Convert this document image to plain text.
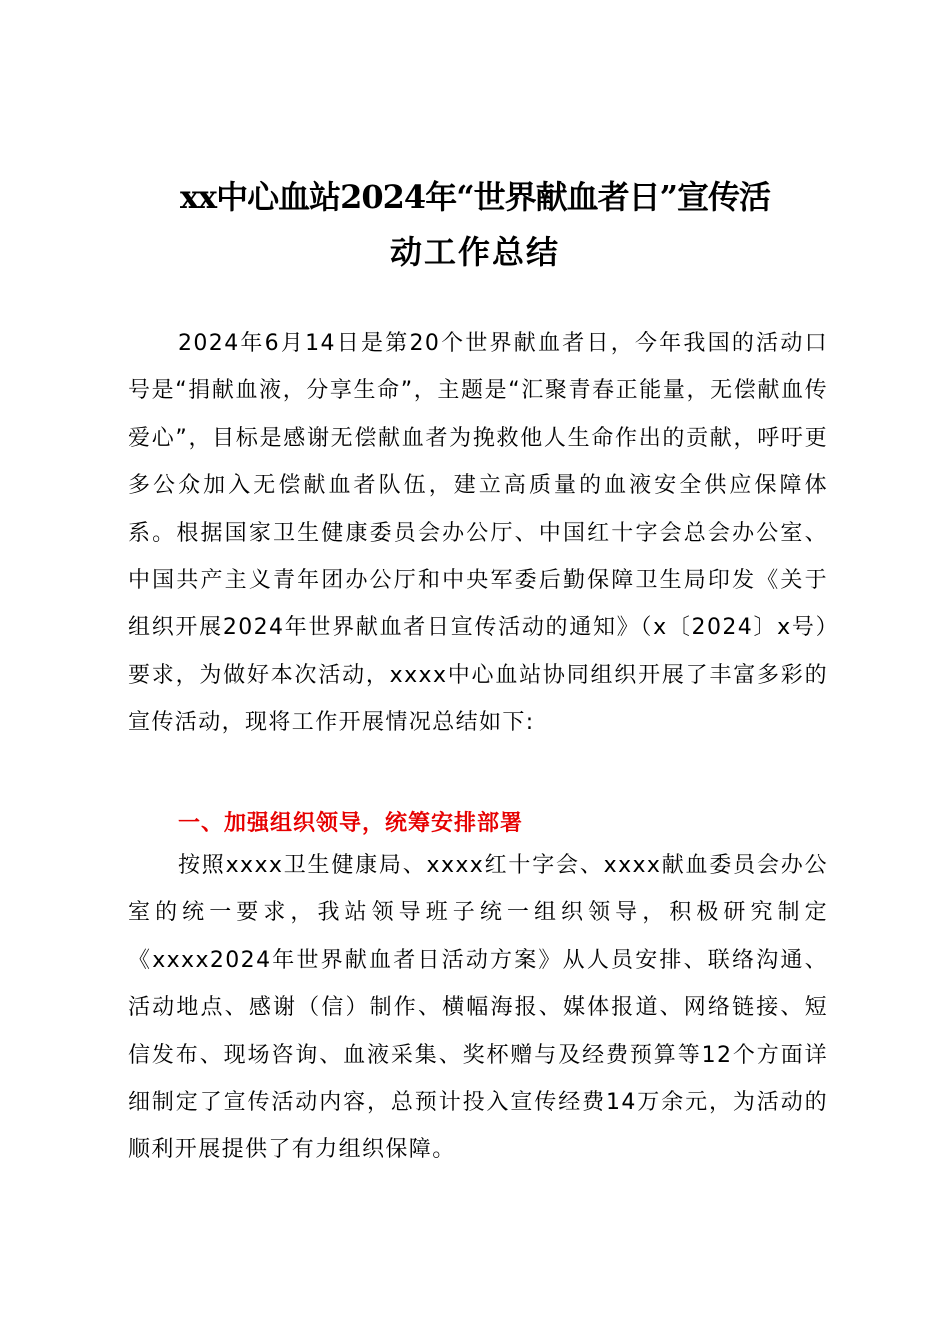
xx中心血站2024年“世界献血者日”宣传活
动工作总结

2024年6月14日是第20个世界献血者日，今年我国的活动口号是“捐献血液，分享生命”，主题是“汇聚青春正能量，无偿献血传爱心”，目标是感谢无偿献血者为挽救他人生命作出的贡献，呼吁更多公众加入无偿献血者队伍，建立高质量的血液安全供应保障体系。根据国家卫生健康委员会办公厅、中国红十字会总会办公室、中国共产主义青年团办公厅和中央军委后勤保障卫生局印发《关于组织开展2024年世界献血者日宣传活动的通知》（x〔2024〕x号）要求，为做好本次活动，xxxx中心血站协同组织开展了丰富多彩的宣传活动，现将工作开展情况总结如下:

一、加强组织领导，统筹安排部署

按照xxxx卫生健康局、xxxx红十字会、xxxx献血委员会办公室的统一要求，我站领导班子统一组织领导，积极研究制定《xxxx2024年世界献血者日活动方案》从人员安排、联络沟通、活动地点、感谢（信）制作、横幅海报、媒体报道、网络链接、短信发布、现场咨询、血液采集、奖杯赠与及经费预算等12个方面详细制定了宣传活动内容，总预计投入宣传经费14万余元，为活动的顺利开展提供了有力组织保障。
